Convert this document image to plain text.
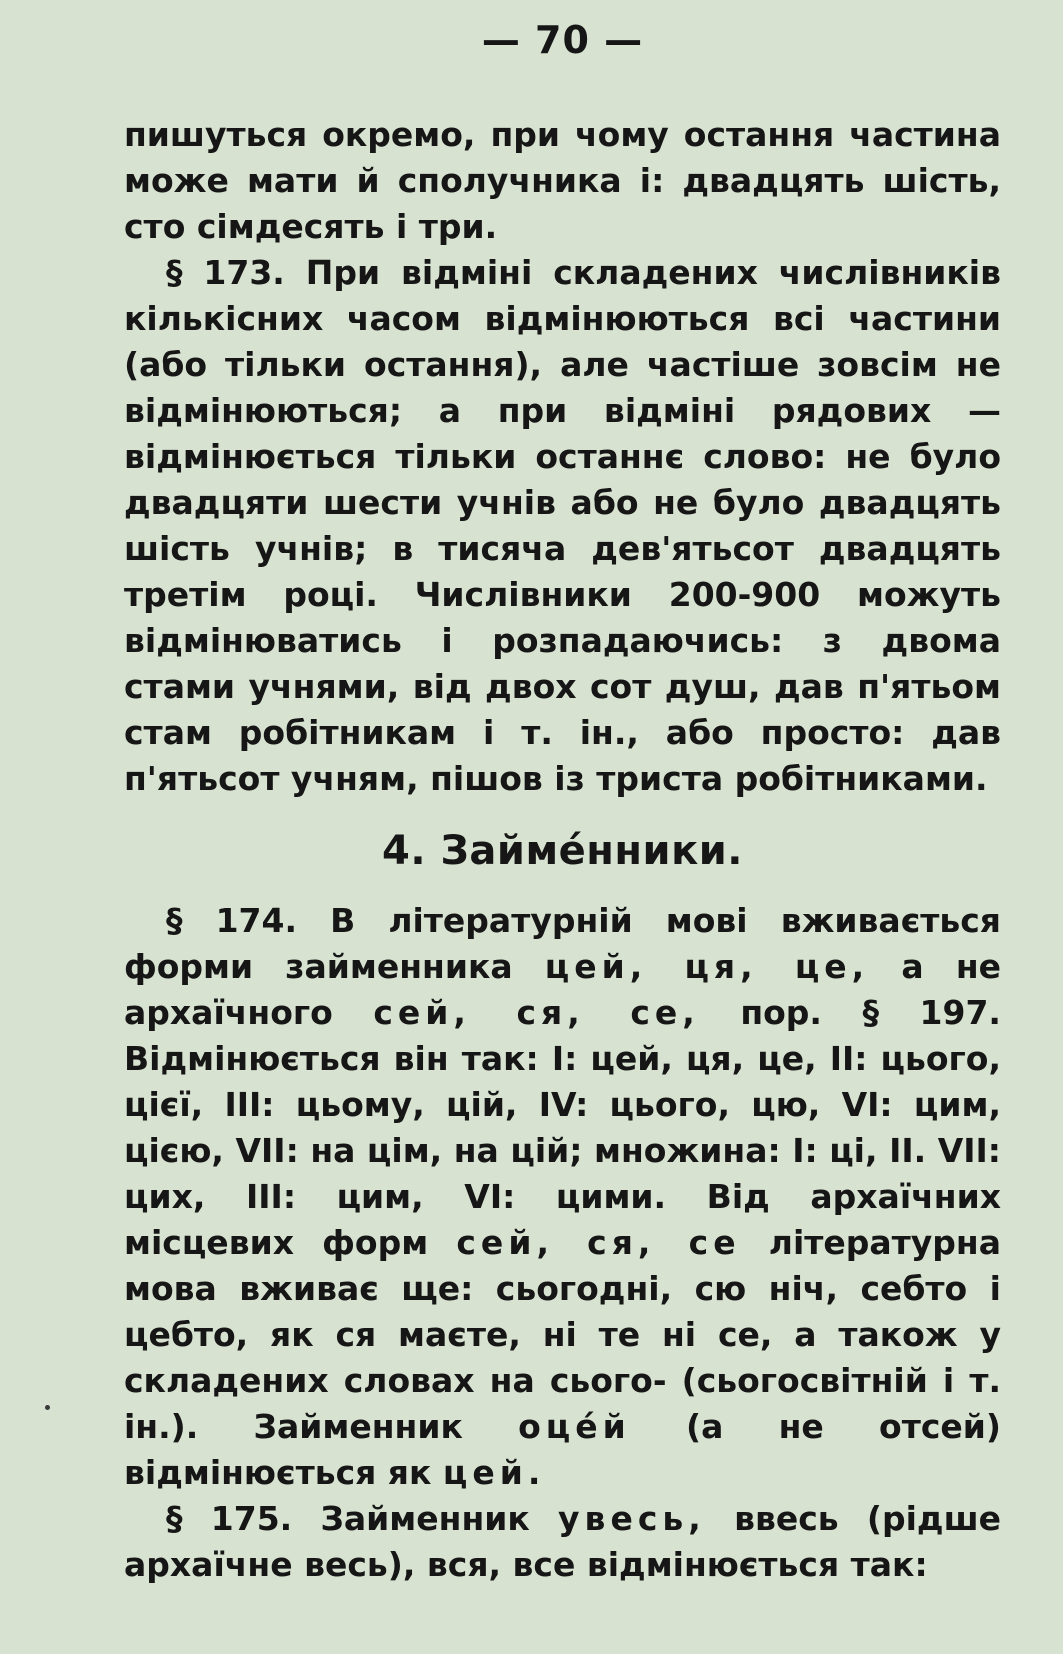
— 70 —

пишуться окремо, при чому остання частина може мати й сполучника і: двадцять шість, сто сімдесять і три.

§ 173. При відміні складених числівників кількісних часом відмінюються всі частини (або тільки остання), але частіше зовсім не відмінюються; а при відміні рядових — відмінюється тільки останнє слово: не було двадцяти шести учнів або не було двадцять шість учнів; в тисяча дев'ятьсот двадцять третім році. Числівники 200-900 можуть відмінюватись і розпадаючись: з двома стами учнями, від двох сот душ, дав п'ятьом стам робітникам і т. ін., або просто: дав п'ятьсот учням, пішов із триста робітниками.

4. Займе́нники.

§ 174. В літературній мові вживається форми займенника цей, ця, це, а не архаїчного сей, ся, се, пор. § 197. Відмінюється він так: І: цей, ця, це, ІІ: цього, цієї, ІІІ: цьому, цій, ІV: цього, цю, VІ: цим, цією, VІІ: на цім, на цій; множина: І: ці, ІІ. VІІ: цих, ІІІ: цим, VІ: цими. Від архаїчних місцевих форм сей, ся, се літературна мова вживає ще: сьогодні, сю ніч, себто і цебто, як ся маєте, ні те ні се, а також у складених словах на сього- (сьогосвітній і т. ін.). Займенник оце́й (а не отсей) відмінюється як цей.

§ 175. Займенник увесь, ввесь (рідше архаїчне весь), вся, все відмінюється так:
